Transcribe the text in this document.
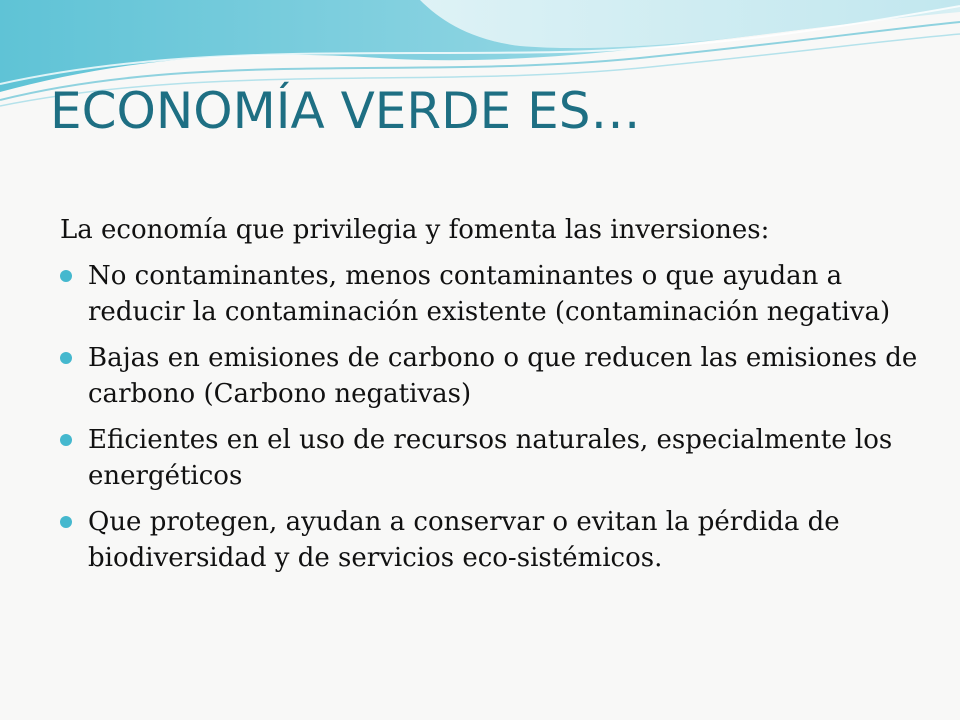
ECONOMÍA VERDE ES…

La economía que privilegia y fomenta las inversiones:

No contaminantes, menos contaminantes o que ayudan a reducir la contaminación existente (contaminación negativa)
Bajas en emisiones de carbono o que reducen las emisiones de carbono (Carbono negativas)
Eficientes en el uso de recursos naturales, especialmente los energéticos
Que protegen, ayudan a conservar o evitan la pérdida de biodiversidad y de servicios eco-sistémicos.
